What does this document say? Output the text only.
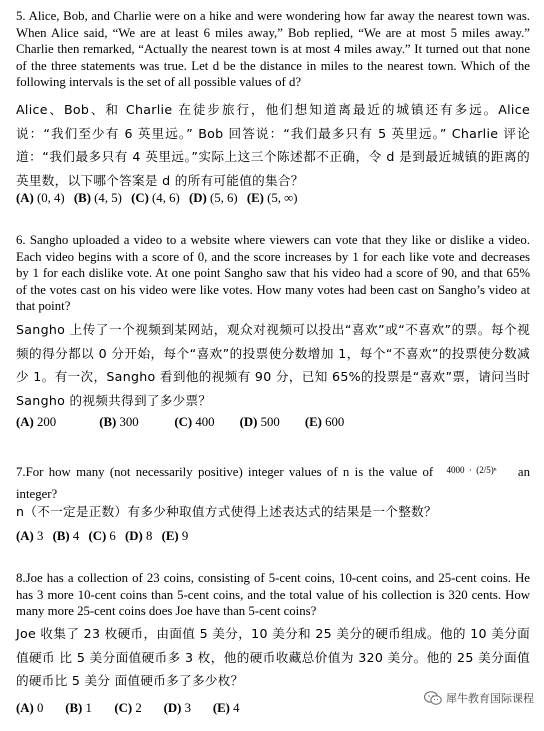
5. Alice, Bob, and Charlie were on a hike and were wondering how far away the nearest town was. When Alice said, “We are at least 6 miles away,” Bob replied, “We are at most 5 miles away.” Charlie then remarked, “Actually the nearest town is at most 4 miles away.” It turned out that none of the three statements was true. Let d be the distance in miles to the nearest town. Which of the following intervals is the set of all possible values of d?
Alice、Bob、和 Charlie 在徒步旅行，他们想知道离最近的城镇还有多远。Alice 说：“我们至少有 6 英里远。” Bob 回答说：“我们最多只有 5 英里远。” Charlie 评论道：“我们最多只有 4 英里远。”实际上这三个陈述都不正确，令 d 是到最近城镇的距离的英里数，以下哪个答案是 d 的所有可能值的集合？
(A) (0, 4) (B) (4, 5) (C) (4, 6) (D) (5, 6) (E) (5, ∞)
6. Sangho uploaded a video to a website where viewers can vote that they like or dislike a video. Each video begins with a score of 0, and the score increases by 1 for each like vote and decreases by 1 for each dislike vote. At one point Sangho saw that his video had a score of 90, and that 65% of the votes cast on his video were like votes. How many votes had been cast on Sangho’s video at that point?
Sangho 上传了一个视频到某网站，观众对视频可以投出“喜欢”或“不喜欢”的票。每个视频的得分都以 0 分开始，每个“喜欢”的投票使分数增加 1，每个“不喜欢”的投票使分数减少 1。有一次，Sangho 看到他的视频有 90 分，已知 65%的投票是“喜欢”票，请问当时 Sangho 的视频共得到了多少票？
(A) 200	(B) 300	(C) 400 (D) 500 (E) 600
7.For how many (not necessarily positive) integer values of n is the value of $^{4000 \cdot (2/5)^n}$ an integer?
n（不一定是正数）有多少种取值方式使得上述表达式的结果是一个整数？
(A) 3 (B) 4 (C) 6 (D) 8 (E) 9
8.Joe has a collection of 23 coins, consisting of 5-cent coins, 10-cent coins, and 25-cent coins. He has 3 more 10-cent coins than 5-cent coins, and the total value of his collection is 320 cents. How many more 25-cent coins does Joe have than 5-cent coins?
Joe 收集了 23 枚硬币，由面值 5 美分，10 美分和 25 美分的硬币组成。他的 10 美分面值硬币 比 5 美分面值硬币多 3 枚，他的硬币收藏总价值为 320 美分。他的 25 美分面值的硬币比 5 美分 面值硬币多了多少枚？
(A) 0 (B) 1 (C) 2 (D) 3 (E) 4
犀牛教育国际课程
